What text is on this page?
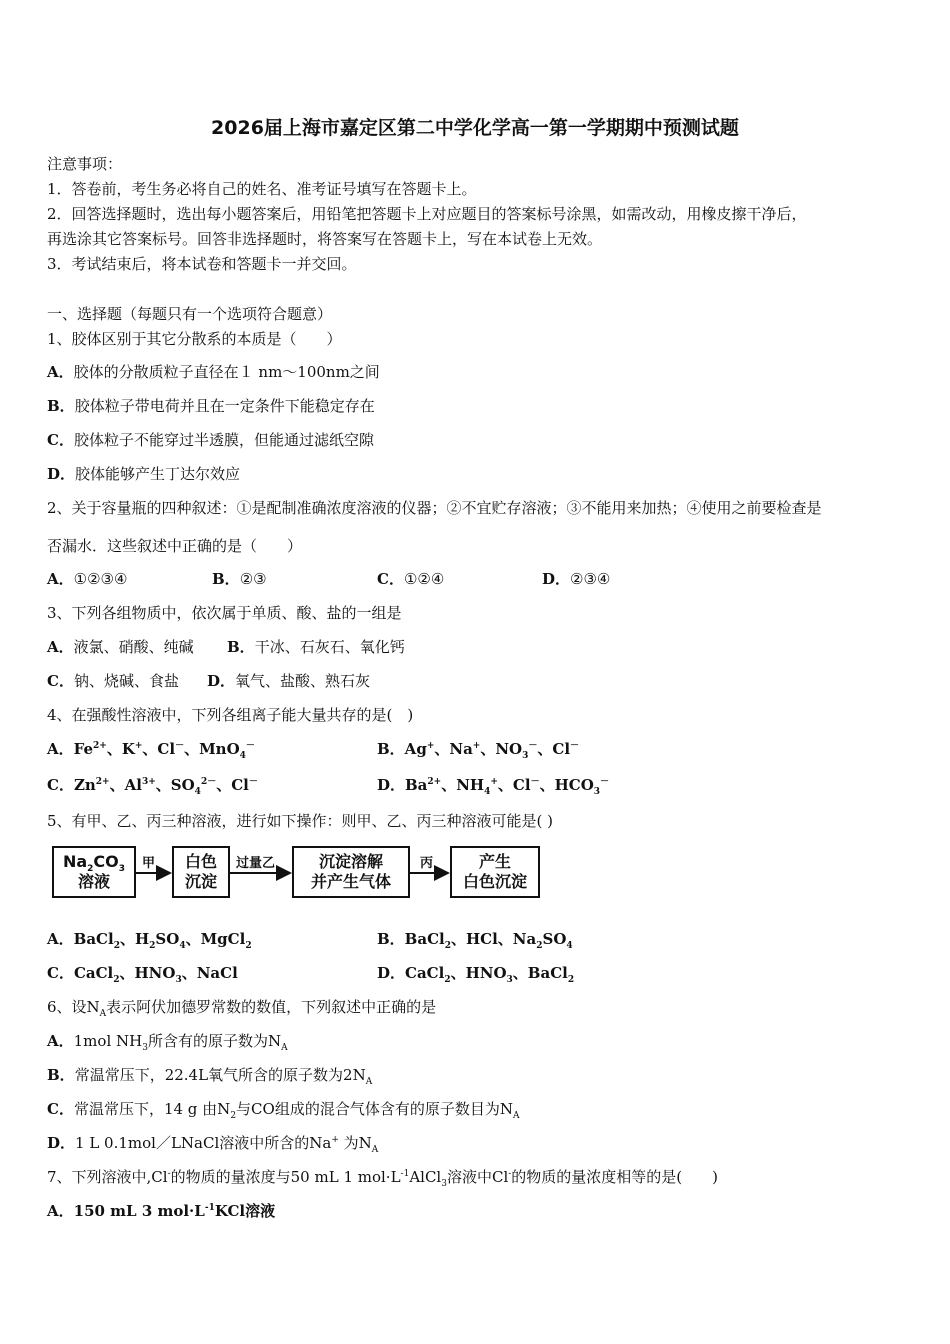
2026届上海市嘉定区第二中学化学高一第一学期期中预测试题
注意事项：
1．答卷前，考生务必将自己的姓名、准考证号填写在答题卡上。
2．回答选择题时，选出每小题答案后，用铅笔把答题卡上对应题目的答案标号涂黑，如需改动，用橡皮擦干净后，
再选涂其它答案标号。回答非选择题时，将答案写在答题卡上，写在本试卷上无效。
3．考试结束后，将本试卷和答题卡一并交回。
一、选择题（每题只有一个选项符合题意）
1、胶体区别于其它分散系的本质是（　　）
A．胶体的分散质粒子直径在１ nm～100nm之间
B．胶体粒子带电荷并且在一定条件下能稳定存在
C．胶体粒子不能穿过半透膜，但能通过滤纸空隙
D．胶体能够产生丁达尔效应
2、关于容量瓶的四种叙述：①是配制准确浓度溶液的仪器；②不宜贮存溶液；③不能用来加热；④使用之前要检查是
否漏水．这些叙述中正确的是（　　）
A．①②③④	B．②③	C．①②④	D．②③④
3、下列各组物质中，依次属于单质、酸、盐的一组是
A．液氯、硝酸、纯碱 B．干冰、石灰石、氧化钙
C．钠、烧碱、食盐 D．氧气、盐酸、熟石灰
4、在强酸性溶液中，下列各组离子能大量共存的是(　)
A．$Fe^{2+}$、K+、Cl－、MnO$_4$－	B．Ag+、Na+、$NO_3^-$、Cl－
C．$Zn^{2+}$、$Al^{3+}$、$SO_4^{2-}$、Cl－	D．$Ba^{2+}$、$NH_4^+$、Cl－、$HCO_3^-$
5、有甲、乙、丙三种溶液，进行如下操作：则甲、乙、丙三种溶液可能是( )
$Na_2CO_3$
溶液
甲 白色
沉淀
过量乙	沉淀溶解
并产生气体
丙	产生
白色沉淀
A．BaCl$_2$、$H_2SO_4$、MgCl$_2$	B．BaCl$_2$、HCl、$Na_2SO_4$
C．CaCl$_2$、$HNO_3$、NaCl	D．CaCl$_2$、$HNO_3$、BaCl$_2$
6、设$N_A$表示阿伏加德罗常数的数值，下列叙述中正确的是
A．1mol $NH_3$所含有的原子数为$N_A$
B．常温常压下，22.4L氧气所含的原子数为$2N_A$
C．常温常压下，14 g 由$N_2$与CO组成的混合气体含有的原子数目为$N_A$
D．1 L 0.1mol／LNaCl溶液中所含的Na+ 为$N_A$
7、下列溶液中,Cl-的物质的量浓度与50 mL 1 $mol\cdot L^{-1}AlCl_3$溶液中Cl-的物质的量浓度相等的是(　　)
A．150 mL 3 $mol\cdot L^{-1}KCl$溶液
